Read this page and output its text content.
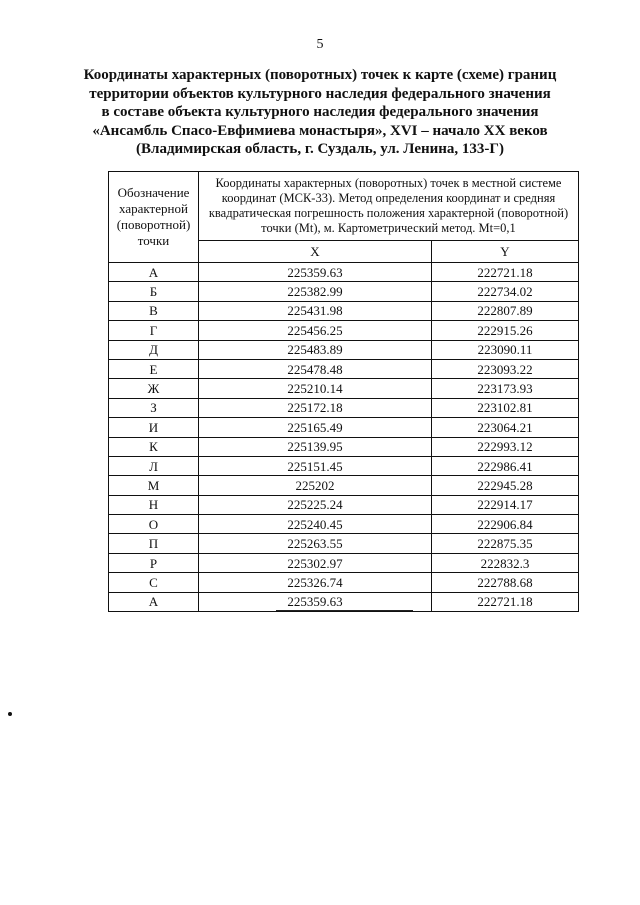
5
Координаты характерных (поворотных) точек к карте (схеме) границ
территории объектов культурного наследия федерального значения
в составе объекта культурного наследия федерального значения
«Ансамбль Спасо-Евфимиева монастыря», XVI – начало XX веков
(Владимирская область, г. Суздаль, ул. Ленина, 133-Г)
Обозначение характерной (поворотной) точки	Координаты характерных (поворотных) точек в местной системе координат (МСК-33). Метод определения координат и средняя квадратическая погрешность положения характерной (поворотной) точки (Mt), м. Картометрический метод. Mt=0,1	
	X	Y
А	225359.63	222721.18
Б	225382.99	222734.02
В	225431.98	222807.89
Г	225456.25	222915.26
Д	225483.89	223090.11
Е	225478.48	223093.22
Ж	225210.14	223173.93
З	225172.18	223102.81
И	225165.49	223064.21
К	225139.95	222993.12
Л	225151.45	222986.41
М	225202	222945.28
Н	225225.24	222914.17
О	225240.45	222906.84
П	225263.55	222875.35
Р	225302.97	222832.3
С	225326.74	222788.68
А	225359.63	222721.18
